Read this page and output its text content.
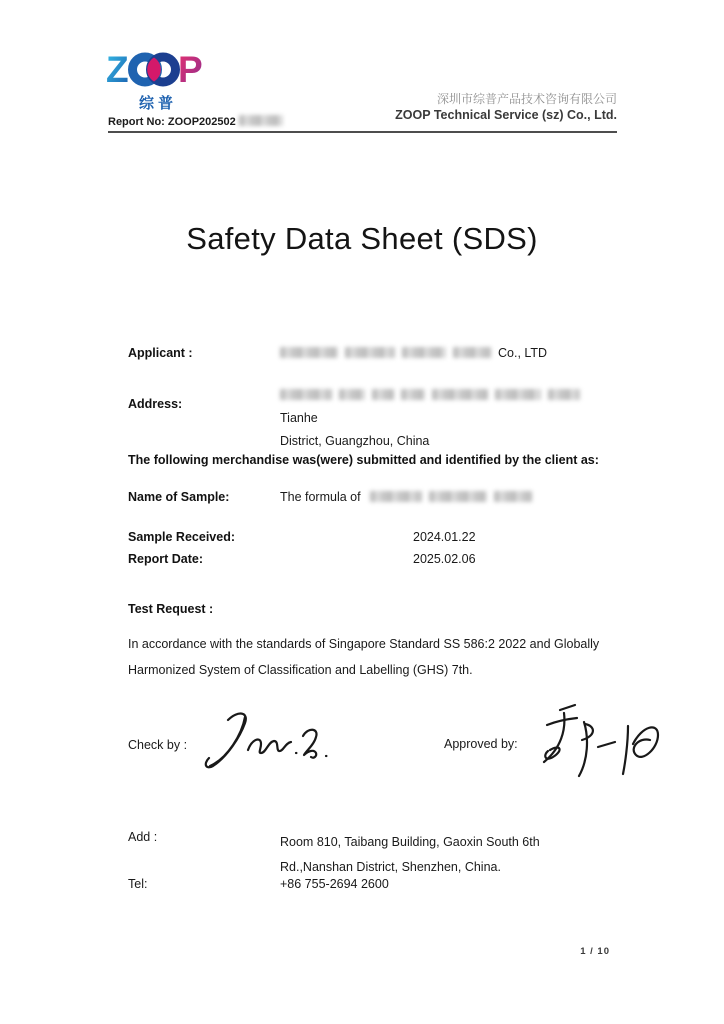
Z P
综普	深圳市综普产品技术咨询有限公司
ZOOP Technical Service (sz) Co., Ltd.
Report No: ZOOP202502
Safety Data Sheet (SDS)
Applicant :	Co., LTD
Address:
Tianhe
District, Guangzhou, China
The following merchandise was(were) submitted and identified by the client as:
Name of Sample:	The formula of
Sample Received:	2024.01.22
Report Date:	2025.02.06
Test Request :
In accordance with the standards of Singapore Standard SS 586:2 2022 and Globally Harmonized System of Classification and Labelling (GHS) 7th.
Check by :	Approved by:
Add :	Room 810, Taibang Building, Gaoxin South 6th Rd.,Nanshan District, Shenzhen, China.
Tel:	+86 755-2694 2600
1 / 10
